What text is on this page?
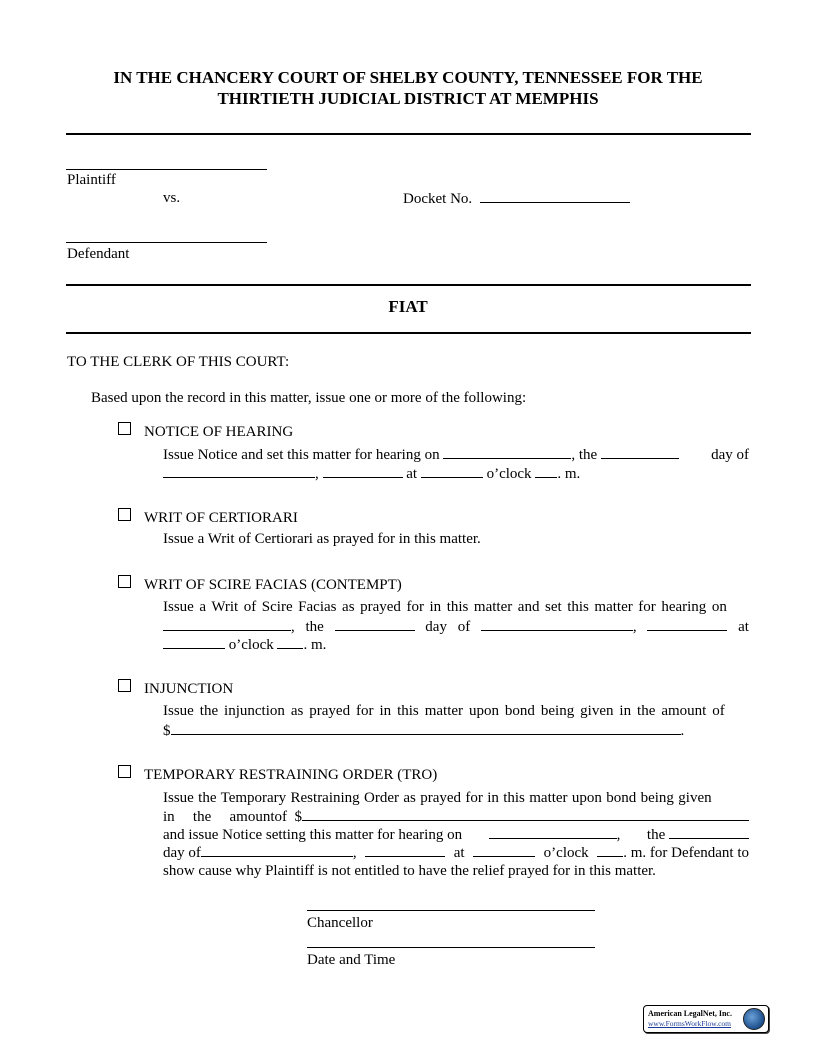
IN THE CHANCERY COURT OF SHELBY COUNTY, TENNESSEE FOR THE
THIRTIETH JUDICIAL DISTRICT AT MEMPHIS
Plaintiff
vs.	Docket No.
Defendant
FIAT
TO THE CLERK OF THIS COURT:
Based upon the record in this matter, issue one or more of the following:
NOTICE OF HEARING
Issue Notice and set this matter for hearing on
	, the
	day of
,	at	o’clock . m.
WRIT OF CERTIORARI
Issue a Writ of Certiorari as prayed for in this matter.
WRIT OF SCIRE FACIAS (CONTEMPT)
Issue a Writ of Scire Facias as prayed for in this matter and set this matter for hearing on
, the	day of	,	at
o’clock . m.
INJUNCTION
Issue the injunction as prayed for in this matter upon bond being given in the amount of
$	.
TEMPORARY RESTRAINING ORDER (TRO)
Issue the Temporary Restraining Order as prayed for in this matter upon bond being given
in the amount of
$
and issue Notice setting this matter for hearing on	, the

day of	,	at	o’clock . m. for Defendant to
show cause why Plaintiff is not entitled to have the relief prayed for in this matter.
Chancellor
Date and Time
American LegalNet, Inc.
www.FormsWorkFlow.com
